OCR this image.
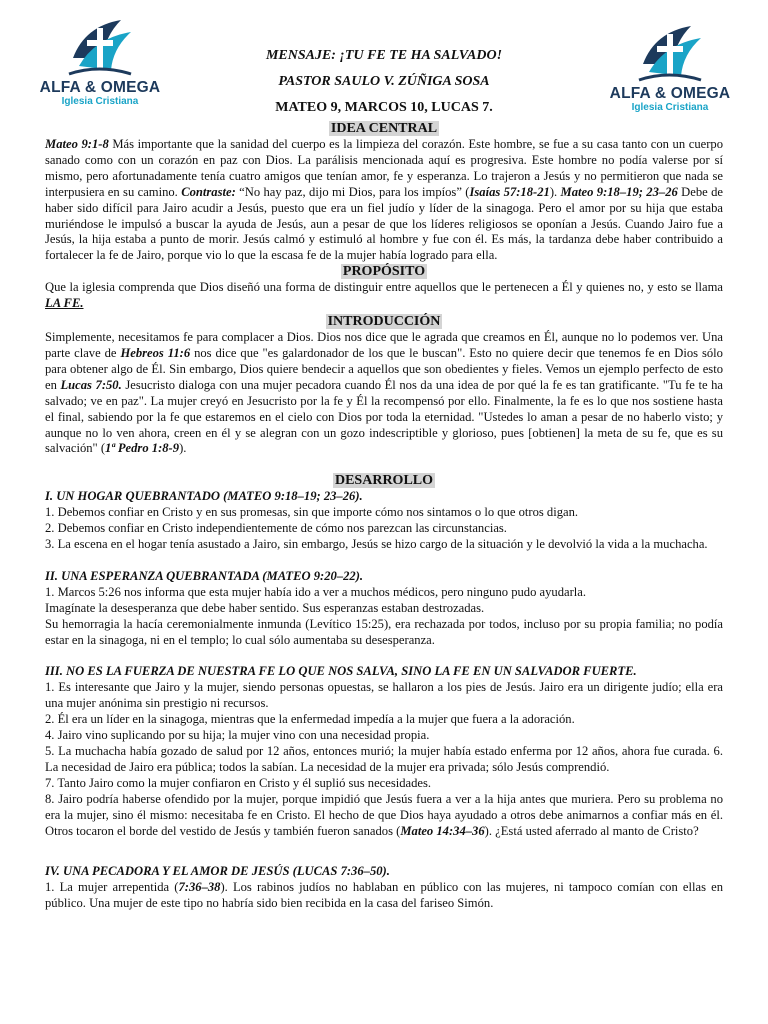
ALFA & OMEGA
Iglesia Cristiana	ALFA & OMEGA
Iglesia Cristiana
MENSAJE: ¡TU FE TE HA SALVADO!
PASTOR SAULO V. ZÚÑIGA SOSA
MATEO 9, MARCOS 10, LUCAS 7.
IDEA CENTRAL

Mateo 9:1-8 Más importante que la sanidad del cuerpo es la limpieza del corazón. Este hombre, se fue a su casa tanto con un cuerpo sanado como con un corazón en paz con Dios. La parálisis mencionada aquí es progresiva. Este hombre no podía valerse por sí mismo, pero afortunadamente tenía cuatro amigos que tenían amor, fe y esperanza. Lo trajeron a Jesús y no permitieron que nada se interpusiera en su camino. Contraste: “No hay paz, dijo mi Dios, para los impíos” (Isaías 57:18-21). Mateo 9:18–19; 23–26 Debe de haber sido difícil para Jairo acudir a Jesús, puesto que era un fiel judío y líder de la sinagoga. Pero el amor por su hija que estaba muriéndose le impulsó a buscar la ayuda de Jesús, aun a pesar de que los líderes religiosos se oponían a Jesús. Cuando Jairo fue a Jesús, la hija estaba a punto de morir. Jesús calmó y estimuló al hombre y fue con él. Es más, la tardanza debe haber contribuido a fortalecer la fe de Jairo, porque vio lo que la escasa fe de la mujer había logrado para ella.

PROPÓSITO

Que la iglesia comprenda que Dios diseñó una forma de distinguir entre aquellos que le pertenecen a Él y quienes no, y esto se llama LA FE.

INTRODUCCIÓN

Simplemente, necesitamos fe para complacer a Dios. Dios nos dice que le agrada que creamos en Él, aunque no lo podemos ver. Una parte clave de Hebreos 11:6 nos dice que "es galardonador de los que le buscan". Esto no quiere decir que tenemos fe en Dios sólo para obtener algo de Él. Sin embargo, Dios quiere bendecir a aquellos que son obedientes y fieles. Vemos un ejemplo perfecto de esto en Lucas 7:50. Jesucristo dialoga con una mujer pecadora cuando Él nos da una idea de por qué la fe es tan gratificante. "Tu fe te ha salvado; ve en paz". La mujer creyó en Jesucristo por la fe y Él la recompensó por ello. Finalmente, la fe es lo que nos sostiene hasta el final, sabiendo por la fe que estaremos en el cielo con Dios por toda la eternidad. "Ustedes lo aman a pesar de no haberlo visto; y aunque no lo ven ahora, creen en él y se alegran con un gozo indescriptible y glorioso, pues [obtienen] la meta de su fe, que es su salvación" (1ª Pedro 1:8-9).

DESARROLLO
I. UN HOGAR QUEBRANTADO (MATEO 9:18–19; 23–26).

1. Debemos confiar en Cristo y en sus promesas, sin que importe cómo nos sintamos o lo que otros digan.

2. Debemos confiar en Cristo independientemente de cómo nos parezcan las circunstancias.

3. La escena en el hogar tenía asustado a Jairo, sin embargo, Jesús se hizo cargo de la situación y le devolvió la vida a la muchacha.

II. UNA ESPERANZA QUEBRANTADA (MATEO 9:20–22).

1. Marcos 5:26 nos informa que esta mujer había ido a ver a muchos médicos, pero ninguno pudo ayudarla.

Imagínate la desesperanza que debe haber sentido. Sus esperanzas estaban destrozadas.

Su hemorragia la hacía ceremonialmente inmunda (Levítico 15:25), era rechazada por todos, incluso por su propia familia; no podía estar en la sinagoga, ni en el templo; lo cual sólo aumentaba su desesperanza.

III. NO ES LA FUERZA DE NUESTRA FE LO QUE NOS SALVA, SINO LA FE EN UN SALVADOR FUERTE.

1. Es interesante que Jairo y la mujer, siendo personas opuestas, se hallaron a los pies de Jesús. Jairo era un dirigente judío; ella era una mujer anónima sin prestigio ni recursos.

2. Él era un líder en la sinagoga, mientras que la enfermedad impedía a la mujer que fuera a la adoración.

4. Jairo vino suplicando por su hija; la mujer vino con una necesidad propia.

5. La muchacha había gozado de salud por 12 años, entonces murió; la mujer había estado enferma por 12 años, ahora fue curada. 6. La necesidad de Jairo era pública; todos la sabían. La necesidad de la mujer era privada; sólo Jesús comprendió.

7. Tanto Jairo como la mujer confiaron en Cristo y él suplió sus necesidades.

8. Jairo podría haberse ofendido por la mujer, porque impidió que Jesús fuera a ver a la hija antes que muriera. Pero su problema no era la mujer, sino él mismo: necesitaba fe en Cristo. El hecho de que Dios haya ayudado a otros debe animarnos a confiar más en él. Otros tocaron el borde del vestido de Jesús y también fueron sanados (Mateo 14:34–36). ¿Está usted aferrado al manto de Cristo?

IV. UNA PECADORA Y EL AMOR DE JESÚS (LUCAS 7:36–50).

1. La mujer arrepentida (7:36–38). Los rabinos judíos no hablaban en público con las mujeres, ni tampoco comían con ellas en público. Una mujer de este tipo no habría sido bien recibida en la casa del fariseo Simón.
